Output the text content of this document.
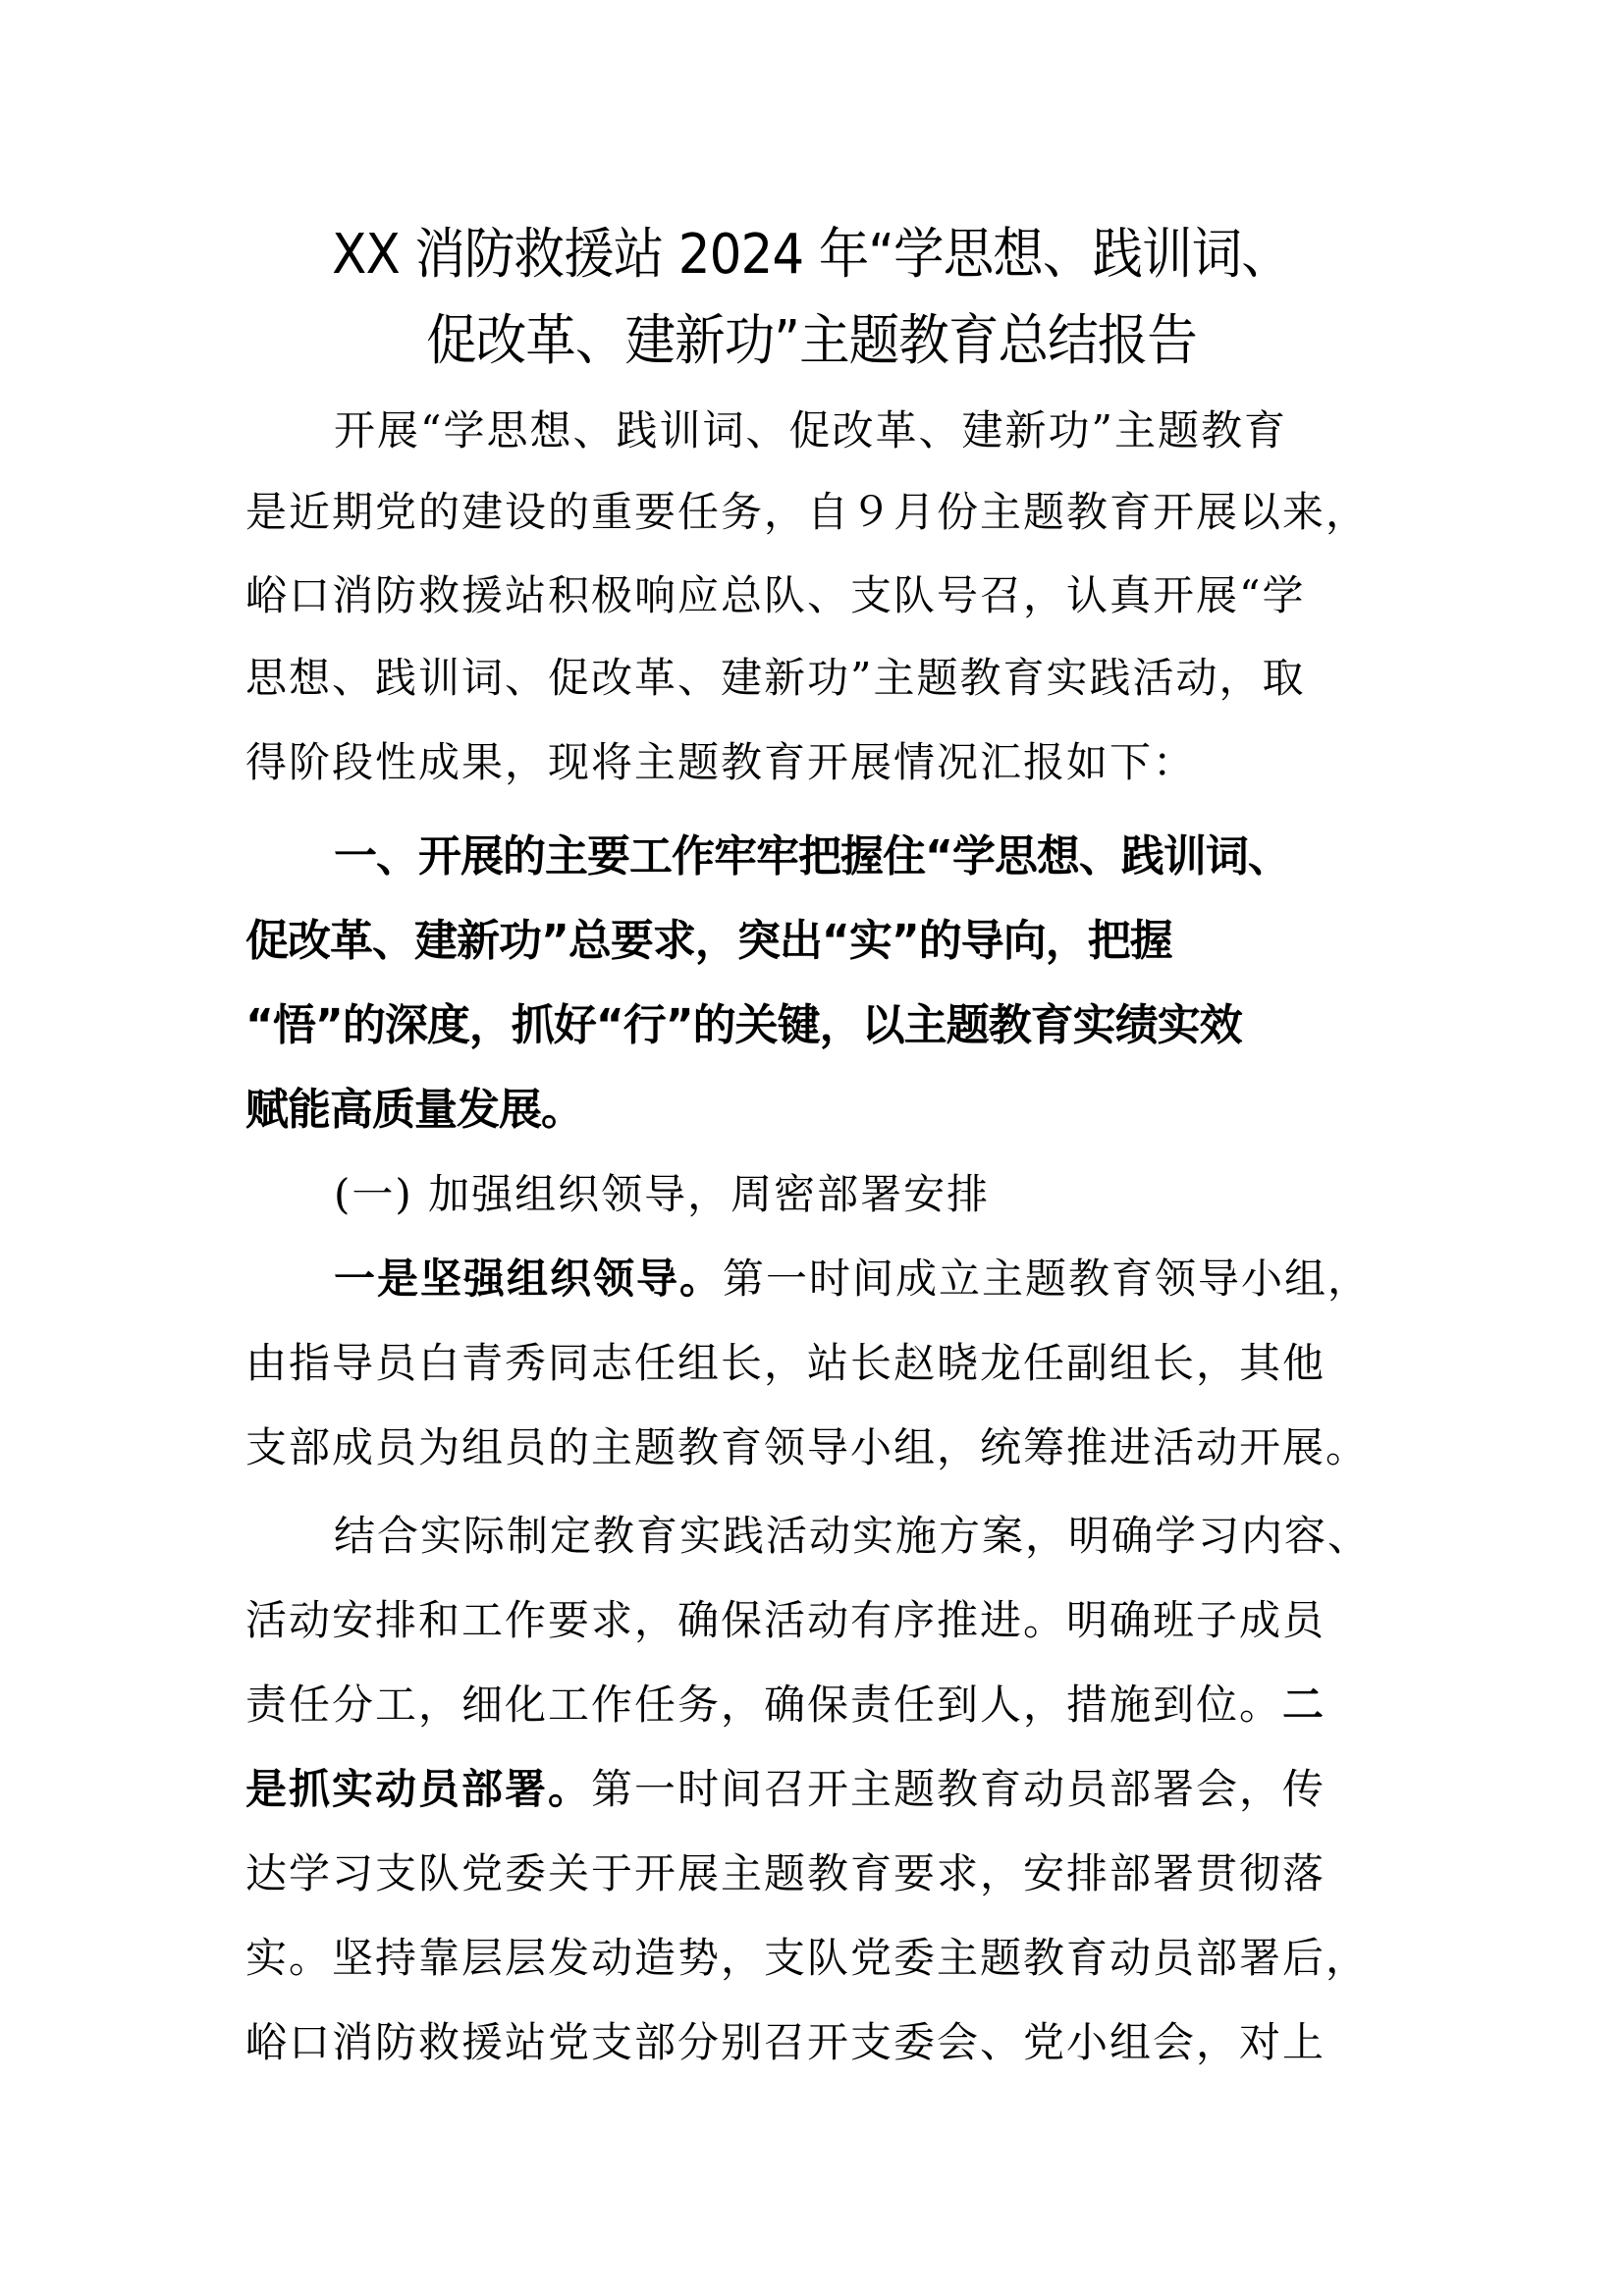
XX 消防救援站 2024 年“学思想、践训词、
促改革、建新功”主题教育总结报告
开展“学思想、践训词、促改革、建新功”主题教育
是近期党的建设的重要任务，自９月份主题教育开展以来，
峪口消防救援站积极响应总队、支队号召，认真开展“学
思想、践训词、促改革、建新功”主题教育实践活动，取
得阶段性成果，现将主题教育开展情况汇报如下：
一、开展的主要工作牢牢把握住“学思想、践训词、
促改革、建新功”总要求，突出“实”的导向，把握
“悟”的深度，抓好“行”的关键，以主题教育实绩实效
赋能高质量发展。
(一) 加强组织领导，周密部署安排
一是坚强组织领导。第一时间成立主题教育领导小组，
由指导员白青秀同志任组长，站长赵晓龙任副组长，其他
支部成员为组员的主题教育领导小组，统筹推进活动开展。
结合实际制定教育实践活动实施方案，明确学习内容、
活动安排和工作要求，确保活动有序推进。明确班子成员
责任分工，细化工作任务，确保责任到人，措施到位。二
是抓实动员部署。第一时间召开主题教育动员部署会，传
达学习支队党委关于开展主题教育要求，安排部署贯彻落
实。坚持靠层层发动造势，支队党委主题教育动员部署后，
峪口消防救援站党支部分别召开支委会、党小组会，对上
